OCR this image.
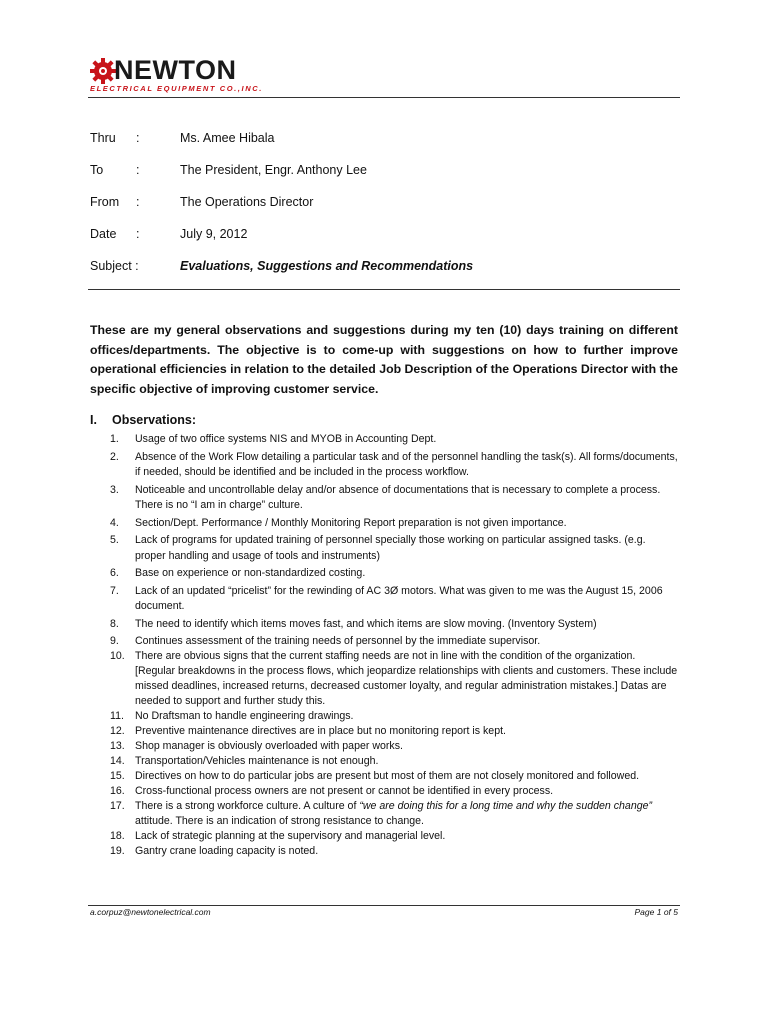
NEWTON
ELECTRICAL EQUIPMENT CO.,INC.
Thru :	Ms. Amee Hibala
To	:	The President, Engr. Anthony Lee
From :	The Operations Director
Date :	July 9, 2012
Subject :	Evaluations, Suggestions and Recommendations

These are my general observations and suggestions during my ten (10) days training on different offices/departments. The objective is to come-up with suggestions on how to further improve operational efficiencies in relation to the detailed Job Description of the Operations Director with the specific objective of improving customer service.

I. Observations:
1.	Usage of two office systems NIS and MYOB in Accounting Dept.
2.	Absence of the Work Flow detailing a particular task and of the personnel handling the task(s). All forms/documents, if needed, should be identified and be included in the process workflow.
3.	Noticeable and uncontrollable delay and/or absence of documentations that is necessary to complete a process. There is no “I am in charge” culture.
4.	Section/Dept. Performance / Monthly Monitoring Report preparation is not given importance.
5.	Lack of programs for updated training of personnel specially those working on particular assigned tasks. (e.g. proper handling and usage of tools and instruments)
6.	Base on experience or non-standardized costing.
7.	Lack of an updated “pricelist” for the rewinding of AC 3Ø motors. What was given to me was the August 15, 2006 document.
8.	The need to identify which items moves fast, and which items are slow moving. (Inventory System)
9.	Continues assessment of the training needs of personnel by the immediate supervisor.
10. There are obvious signs that the current staffing needs are not in line with the condition of the organization. [Regular breakdowns in the process flows, which jeopardize relationships with clients and customers. These include missed deadlines, increased returns, decreased customer loyalty, and regular administration mistakes.] Datas are needed to support and further study this.
11.	No Draftsman to handle engineering drawings.
12. Preventive maintenance directives are in place but no monitoring report is kept.
13. Shop manager is obviously overloaded with paper works.
14. Transportation/Vehicles maintenance is not enough.
15. Directives on how to do particular jobs are present but most of them are not closely monitored and followed.
16. Cross-functional process owners are not present or cannot be identified in every process.
17. There is a strong workforce culture. A culture of “we are doing this for a long time and why the sudden change” attitude. There is an indication of strong resistance to change.
18. Lack of strategic planning at the supervisory and managerial level.
19. Gantry crane loading capacity is noted.
a.corpuz@newtonelectrical.com	Page 1 of 5
